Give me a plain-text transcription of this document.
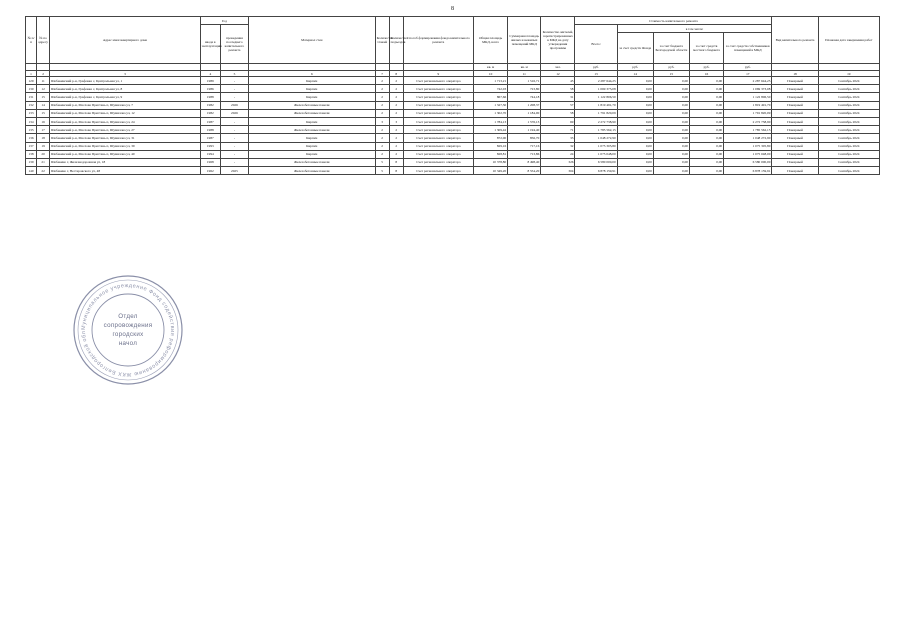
8
№ п/п	№ по адресу	Адрес многоквартирного дома	Год		Материал стен	Количество этажей	Количество подъездов	Способ формирования фонда капитального ремонта	Общая площадь МКД, всего	Суммарная площадь жилых и нежилых помещений МКД	Количество жителей, зарегистрированных в МКД на дату утверждения программы	Стоимость капитального ремонта					Вид капитального ремонта	Плановая дата завершения работ
			ввода в эксплуатацию	проведения последнего капитального ремонта								Всего:	в том числе:					
													за счет средств Фонда	за счет бюджета Белгородской области	за счет средств местного бюджета	за счет средств собственников помещений в МКД		
									кв. м	кв. м	чел.	руб.	руб.	руб.	руб.	руб.		
1	2	3	4	5	6	7	8	9	10	11	12	13	14	15	16	17	18	19
129	11	Шебекинский р-н, Графовка с, Центральная ул, 1	1989	-	Кирпич	2	2	Счет регионального оператора	1 713,21	1 516,71	45	2 287 644,25	0,00	0,00	0,00	2 287 644,25	Пожарный	Сентябрь 2024
130	12	Шебекинский р-н, Графовка с, Центральная ул, 8	1986	-	Кирпич	2	2	Счет регионального оператора	742,03	723,80	58	1 069 373,08	0,00	0,00	0,00	1 069 373,08	Пожарный	Сентябрь 2024
131	15	Шебекинский р-н, Графовка с, Центральная ул, 9	1988	-	Кирпич	2	2	Счет регионального оператора	867,66	744,18	31	1 122 806,50	0,00	0,00	0,00	1 122 806,50	Пожарный	Сентябрь 2024
132	14	Шебекинский р-н, Маслова Пристань п, Шумилова ул, 7	1982	2026	Железобетонные панели	2	2	Счет регионального оператора	1 327,30	1 208,37	57	1 819 491,70	0,00	0,00	0,00	1 819 491,70	Пожарный	Сентябрь 2024
133	15	Шебекинский р-н, Маслова Пристань п, Шумилова ул, 12	1982	2026	Железобетонные панели	2	2	Счет регионального оператора	1 302,70	1 184,00	58	1 791 820,09	0,00	0,00	0,00	1 791 820,09	Пожарный	Сентябрь 2024
134	16	Шебекинский р-н, Маслова Пристань п, Шумилова ул, 24	1987	-	Кирпич	3	3	Счет регионального оператора	1 784,13	1 576,13	69	2 272 738,90	0,00	0,00	0,00	2 272 738,90	Пожарный	Сентябрь 2024
135	17	Шебекинский р-н, Маслова Пристань п, Шумилова ул, 27	1988	-	Железобетонные панели	2	2	Счет регионального оператора	1 309,42	1 194,40	71	1 785 562,15	0,00	0,00	0,00	1 785 562,15	Пожарный	Сентябрь 2024
136	18	Шебекинский р-н, Маслова Пристань п, Шумилова ул, 31	1987	-	Кирпич	2	2	Счет регионального оператора	872,00	856,70	33	1 048 272,90	0,00	0,00	0,00	1 048 272,90	Пожарный	Сентябрь 2024
137	19	Шебекинский р-н, Маслова Пристань п, Шумилова ул, 39	1993	-	Кирпич	2	2	Счет регионального оператора	829,16	717,16	32	1 075 305,80	0,00	0,00	0,00	1 075 305,80	Пожарный	Сентябрь 2024
138	20	Шебекинский р-н, Маслова Пристань п, Шумилова ул, 40	1994	-	Кирпич	2	2	Счет регионального оператора	828,81	713,86	24	1 075 048,00	0,00	0,00	0,00	1 075 048,00	Пожарный	Сентябрь 2024
139	21	Шебекино г, Железнодорожная ул, 18	1968	-	Железобетонные панели	5	8	Счет регионального оператора	10 378,80	8 498,40	326	6 580 000,00	0,00	0,00	0,00	6 580 000,00	Пожарный	Сентябрь 2024
140	22	Шебекино г, Нестеровского ул, 48	1962	2025	Железобетонные панели	5	8	Счет регионального оператора	10 349,20	8 554,20	304	6 878 159,91	0,00	0,00	0,00	6 878 159,91	Пожарный	Сентябрь 2024
Муниципальное учреждение Фонд содействия реформированию ЖКХ Белгородской обл
Отдел
сопровождения
городских
начол
